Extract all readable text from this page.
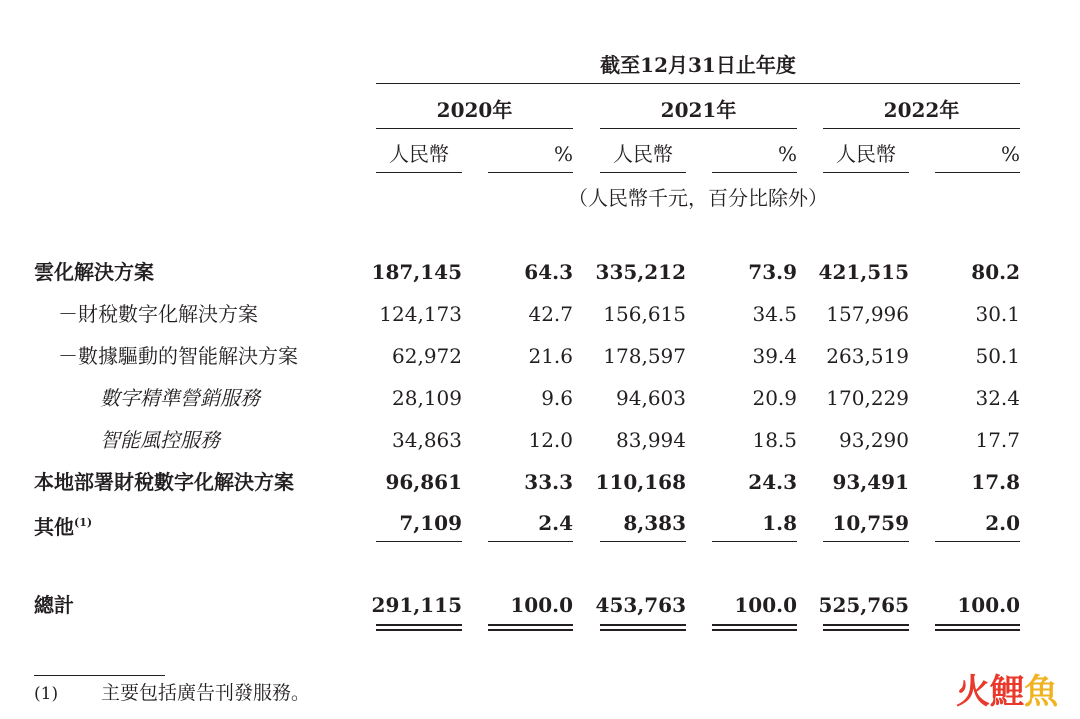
截至12月31日止年度
2020年	2021年	2022年
人民幣	%	人民幣	%	人民幣	%
（人民幣千元，百分比除外）
雲化解決方案	187,145	64.3	335,212	73.9	421,515	80.2
－財稅數字化解決方案	124,173	42.7	156,615	34.5	157,996	30.1
－數據驅動的智能解決方案	62,972	21.6	178,597	39.4	263,519	50.1
數字精準營銷服務	28,109	9.6	94,603	20.9	170,229	32.4
智能風控服務	34,863	12.0	83,994	18.5	93,290	17.7
本地部署財稅數字化解決方案	96,861	33.3	110,168	24.3	93,491	17.8
其他$^{(1)}$	7,109	2.4	8,383	1.8	10,759	2.0
總計	291,115	100.0	453,763	100.0	525,765	100.0
(1) 主要包括廣告刊發服務。	火鯉魚
